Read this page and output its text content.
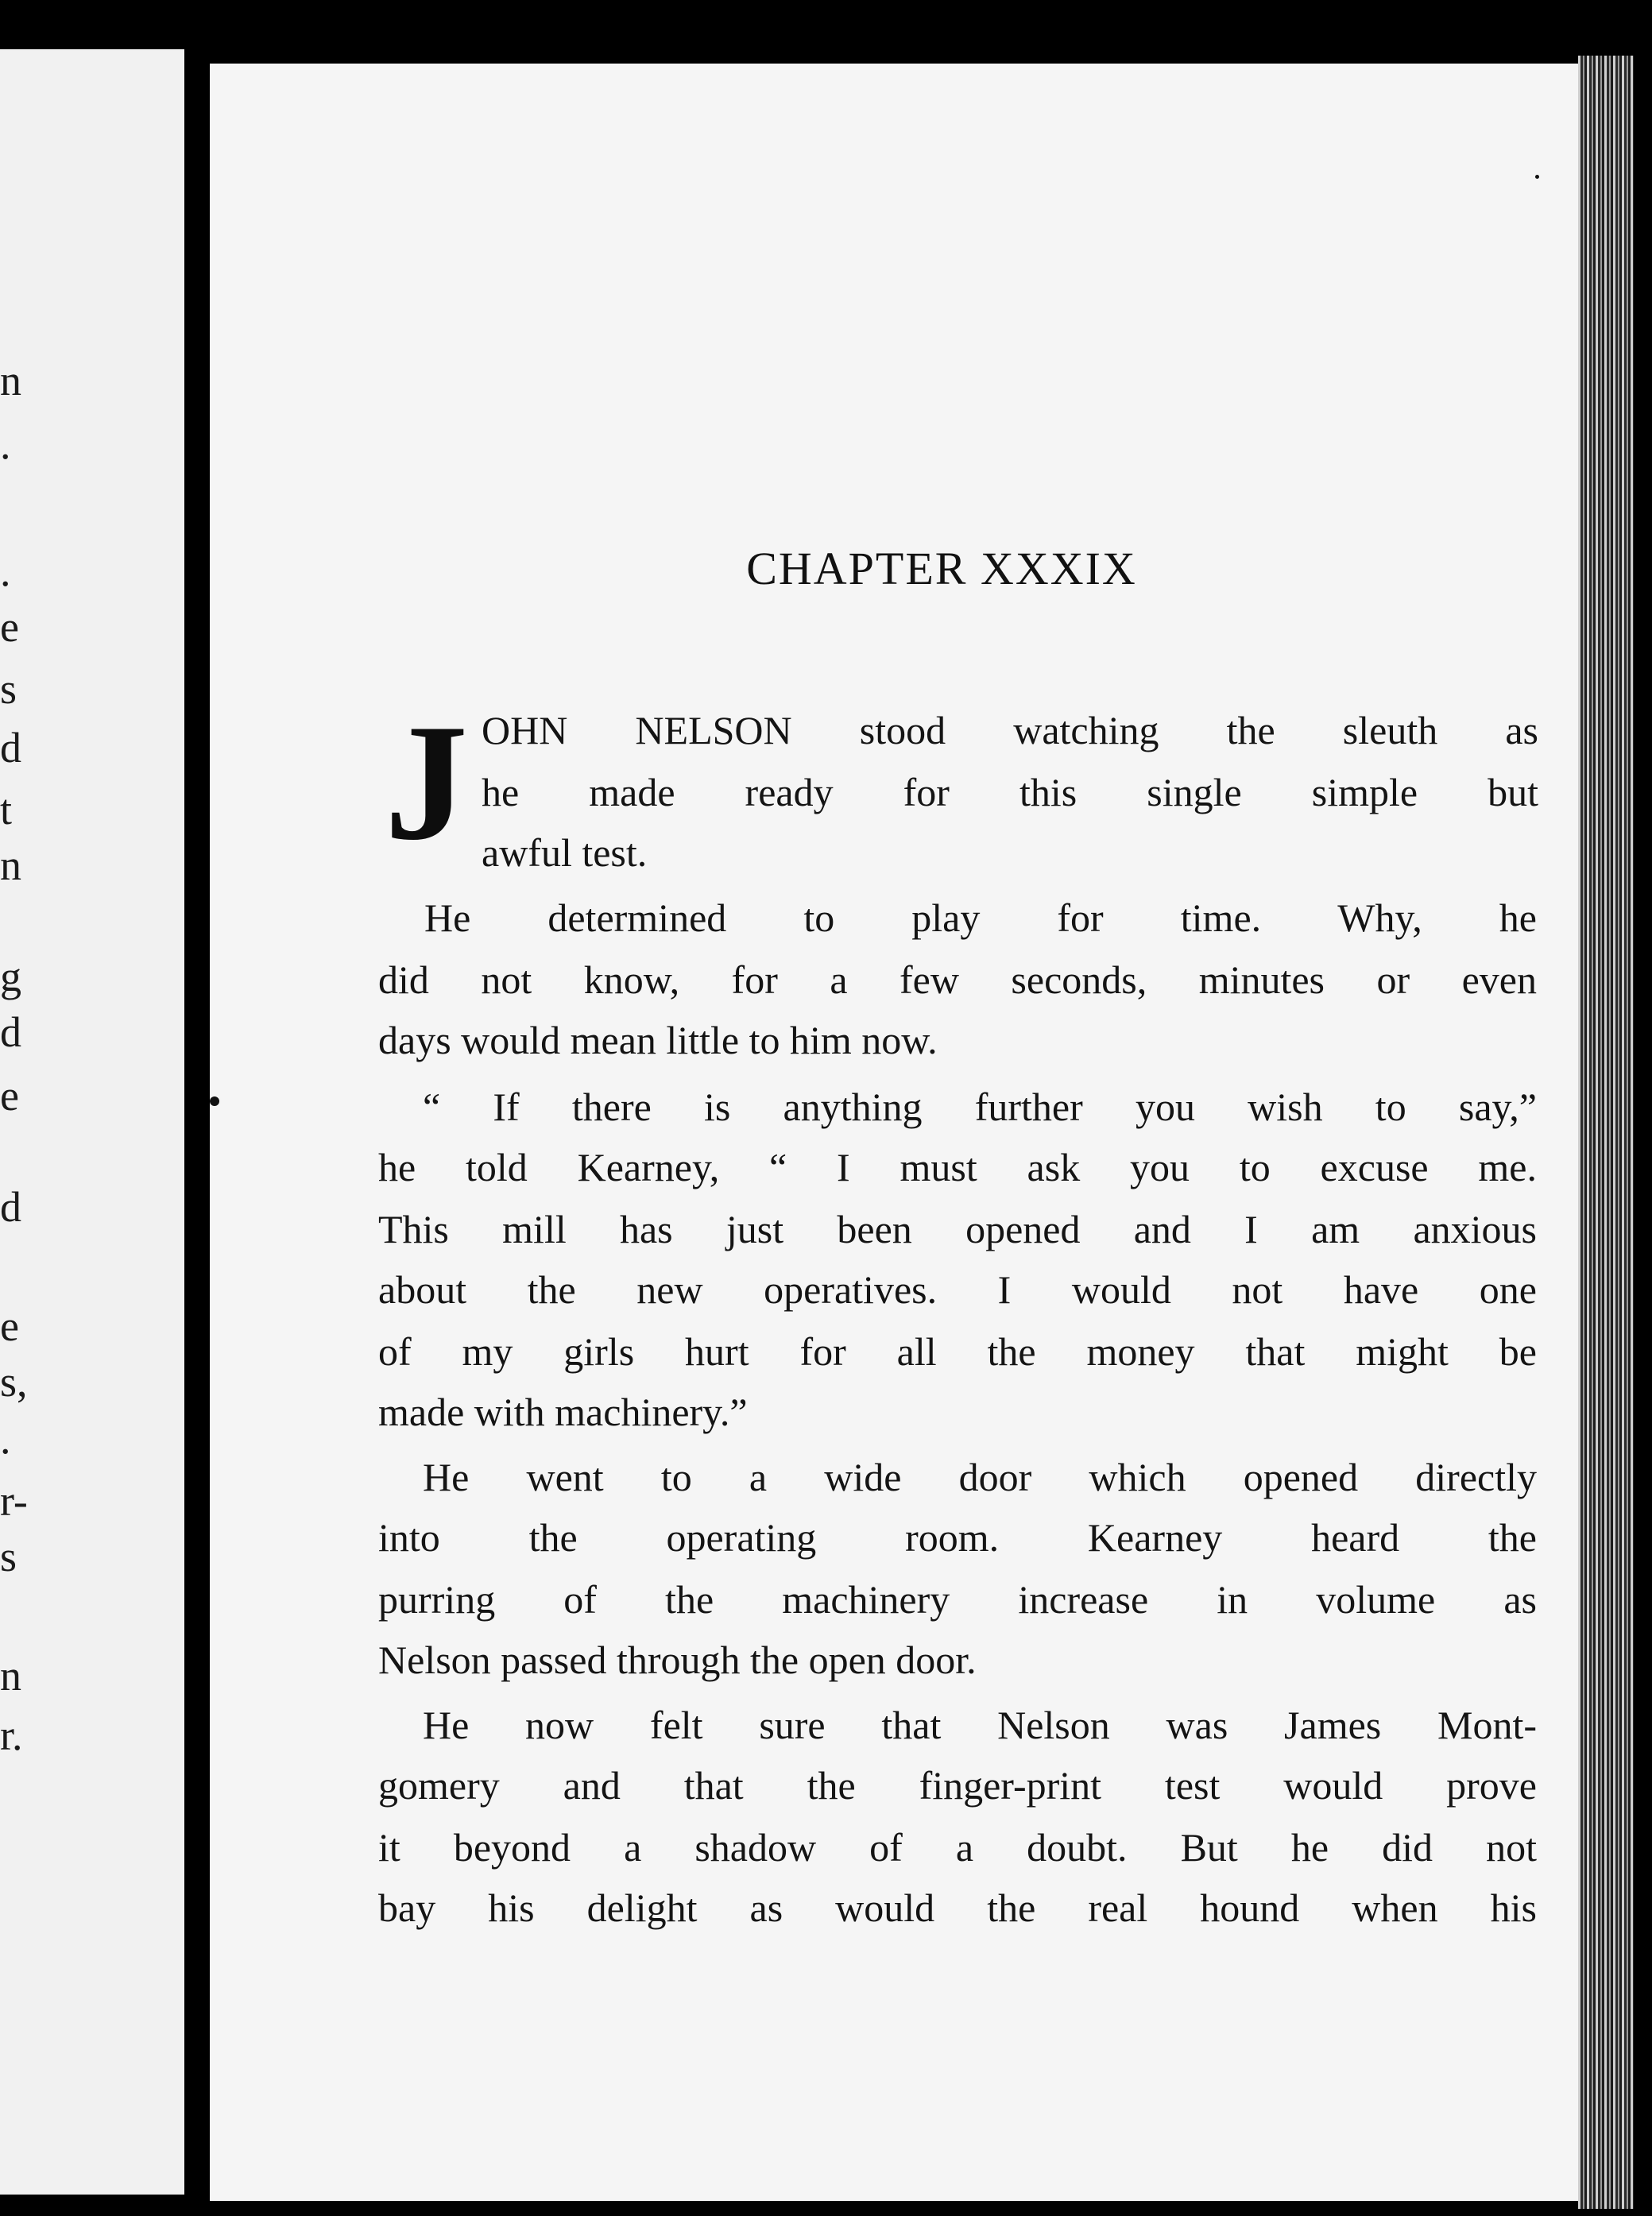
n
.
.
e
s
d
t
n
g
d
e
d
e
s,
.
r-
s
n
r.
CHAPTER XXXIX
J OHN NELSON stood watching the sleuth as
he made ready for this single simple but
awful test.
He determined to play for time. Why, he
did not know, for a few seconds, minutes or even
days would mean little to him now.
“ If there is anything further you wish to say,”
he told Kearney, “ I must ask you to excuse me.
This mill has just been opened and I am anxious
about the new operatives. I would not have one
of my girls hurt for all the money that might be
made with machinery.”
He went to a wide door which opened directly
into the operating room. Kearney heard the
purring of the machinery increase in volume as
Nelson passed through the open door.
He now felt sure that Nelson was James Mont-
gomery and that the finger-print test would prove
it beyond a shadow of a doubt. But he did not
bay his delight as would the real hound when his
